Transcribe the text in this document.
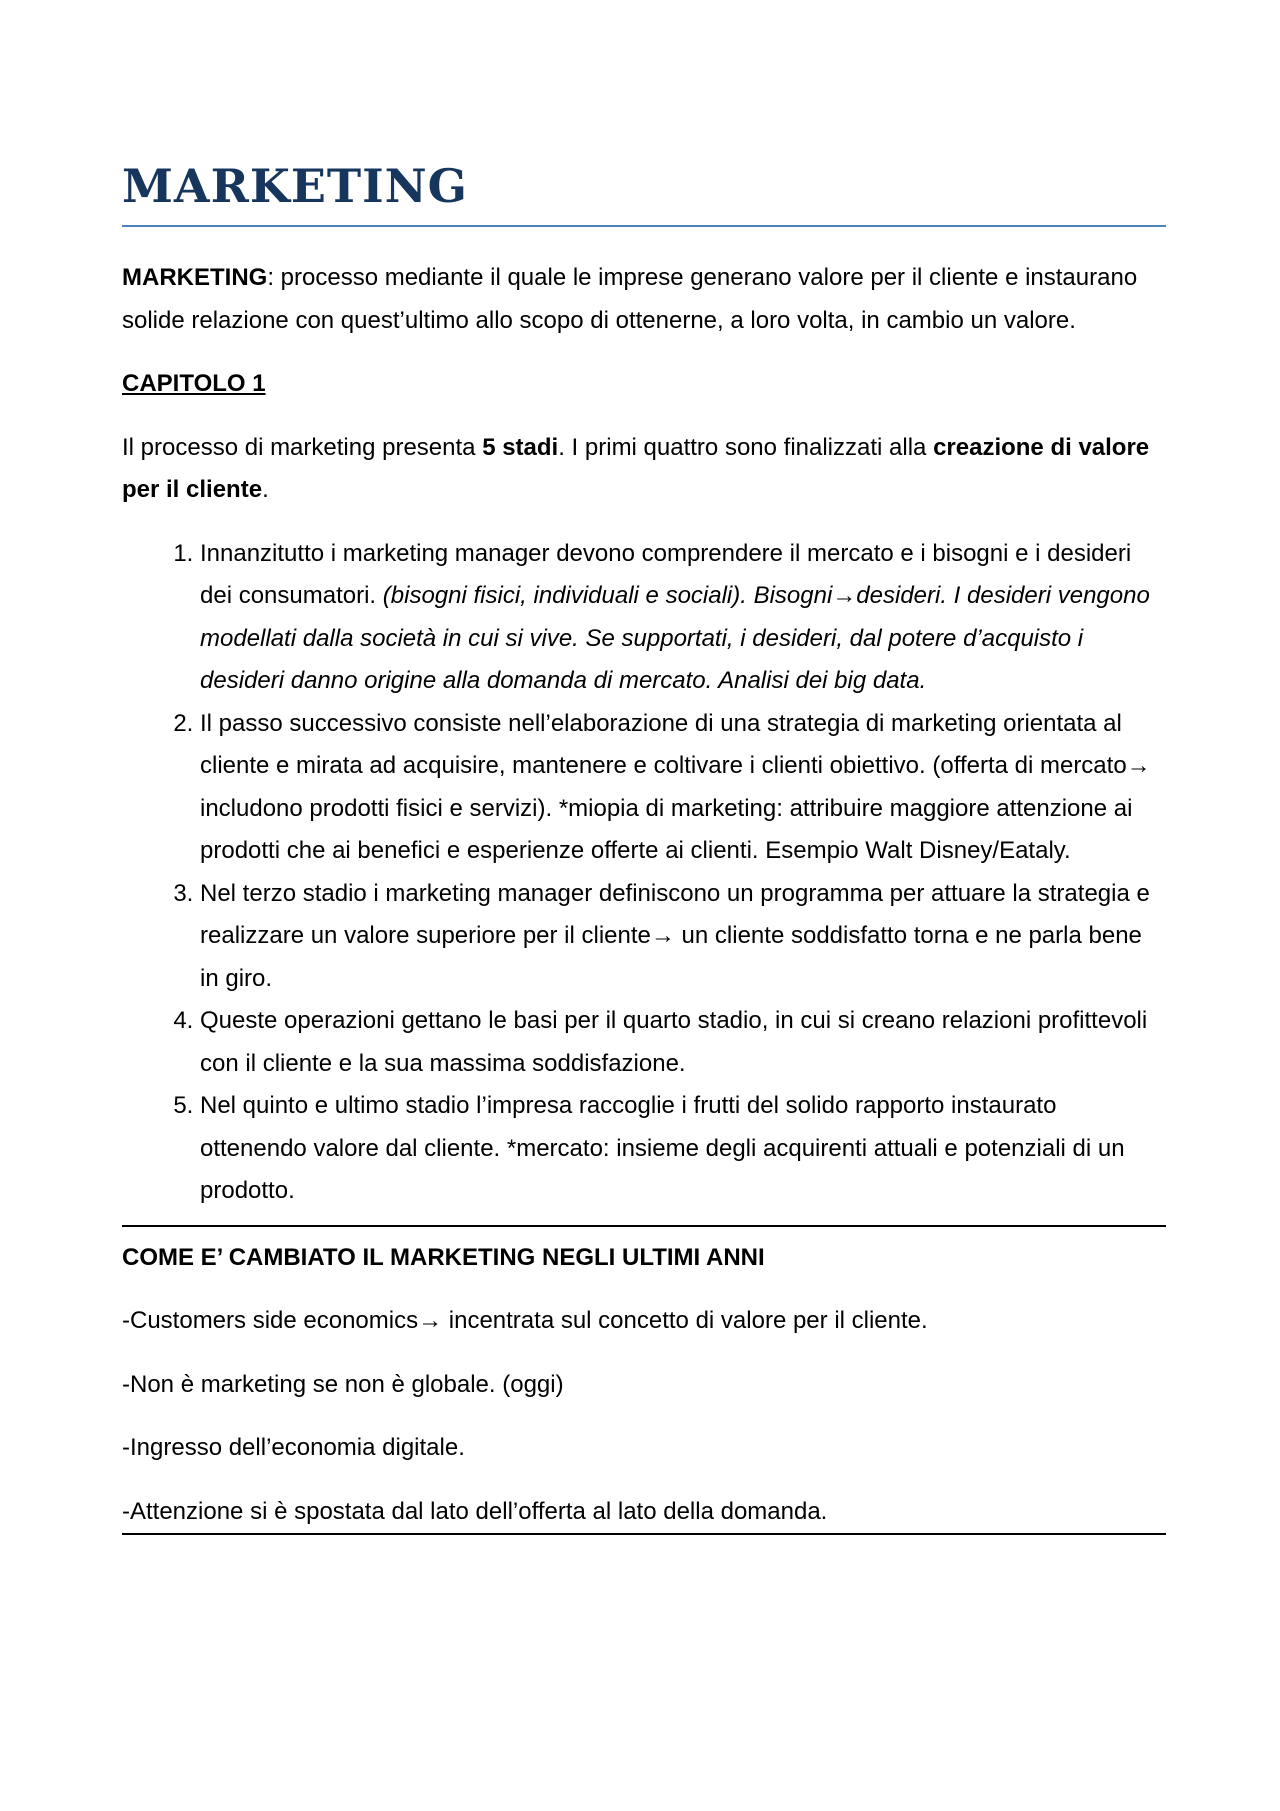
MARKETING

MARKETING: processo mediante il quale le imprese generano valore per il cliente e instaurano solide relazione con quest’ultimo allo scopo di ottenerne, a loro volta, in cambio un valore.

CAPITOLO 1

Il processo di marketing presenta 5 stadi. I primi quattro sono finalizzati alla creazione di valore per il cliente.

1. Innanzitutto i marketing manager devono comprendere il mercato e i bisogni e i desideri dei consumatori. (bisogni fisici, individuali e sociali). Bisogni→desideri. I desideri vengono modellati dalla società in cui si vive. Se supportati, i desideri, dal potere d’acquisto i desideri danno origine alla domanda di mercato. Analisi dei big data.
2. Il passo successivo consiste nell’elaborazione di una strategia di marketing orientata al cliente e mirata ad acquisire, mantenere e coltivare i clienti obiettivo. (offerta di mercato→ includono prodotti fisici e servizi). *miopia di marketing: attribuire maggiore attenzione ai prodotti che ai benefici e esperienze offerte ai clienti. Esempio Walt Disney/Eataly.
3. Nel terzo stadio i marketing manager definiscono un programma per attuare la strategia e realizzare un valore superiore per il cliente→ un cliente soddisfatto torna e ne parla bene in giro.
4. Queste operazioni gettano le basi per il quarto stadio, in cui si creano relazioni profittevoli con il cliente e la sua massima soddisfazione.
5. Nel quinto e ultimo stadio l’impresa raccoglie i frutti del solido rapporto instaurato ottenendo valore dal cliente. *mercato: insieme degli acquirenti attuali e potenziali di un prodotto.

COME E’ CAMBIATO IL MARKETING NEGLI ULTIMI ANNI

-Customers side economics→ incentrata sul concetto di valore per il cliente.

-Non è marketing se non è globale. (oggi)

-Ingresso dell’economia digitale.

-Attenzione si è spostata dal lato dell’offerta al lato della domanda.
